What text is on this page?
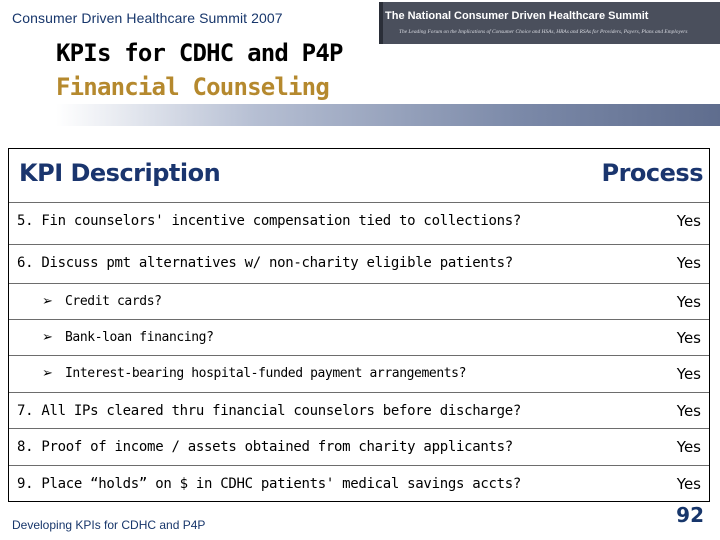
Consumer Driven Healthcare Summit 2007	The National Consumer Driven Healthcare Summit
The Leading Forum on the Implications of Consumer Choice and HSAs, HRAs and RSAs for Providers, Payers, Plans and Employers
KPIs for CDHC and P4P
Financial Counseling
KPI Description	Process
5. Fin counselors' incentive compensation tied to collections?	Yes
6. Discuss pmt alternatives w/ non-charity eligible patients?	Yes
➢ Credit cards?	Yes
➢ Bank-loan financing?	Yes
➢ Interest-bearing hospital-funded payment arrangements?	Yes
7. All IPs cleared thru financial counselors before discharge?	Yes
8. Proof of income / assets obtained from charity applicants?	Yes
9. Place “holds” on $ in CDHC patients' medical savings accts?	Yes
Developing KPIs for CDHC and P4P	92
